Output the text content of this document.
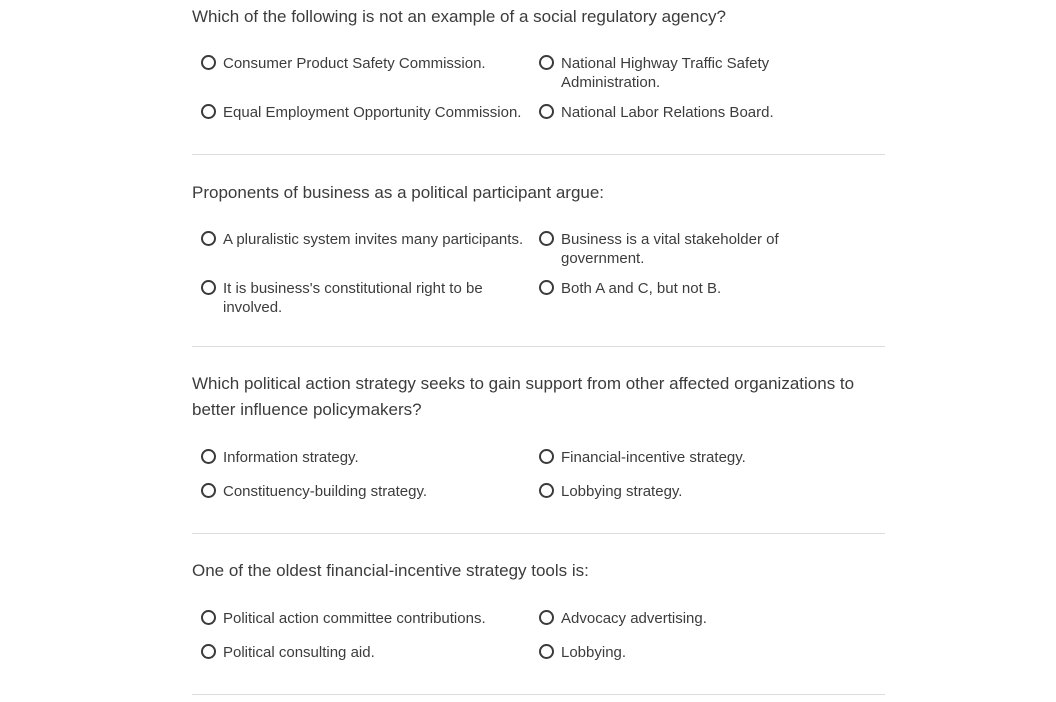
Which of the following is not an example of a social regulatory agency?

Consumer Product Safety Commission.	National Highway Traffic Safety Administration.
Equal Employment Opportunity Commission.	National Labor Relations Board.

Proponents of business as a political participant argue:

A pluralistic system invites many participants.	Business is a vital stakeholder of government.
It is business's constitutional right to be involved.
Both A and C, but not B.

Which political action strategy seeks to gain support from other affected organizations to better influence policymakers?

Information strategy.	Financial-incentive strategy.
Constituency-building strategy.	Lobbying strategy.

One of the oldest financial-incentive strategy tools is:

Political action committee contributions.	Advocacy advertising.
Political consulting aid.	Lobbying.
